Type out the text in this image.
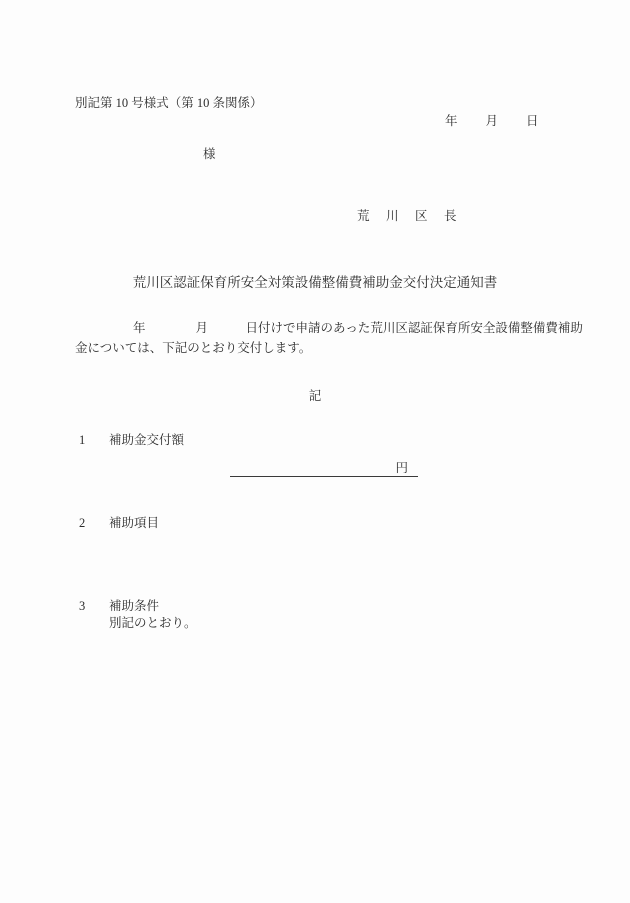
別記第 10 号様式（第 10 条関係）
年　　月　　日
様
荒　川　区　長
荒川区認証保育所安全対策設備整備費補助金交付決定通知書
年　　　　月　　　日付けで申請のあった荒川区認証保育所安全設備整備費補助
金については、下記のとおり交付します。
記
1 補助金交付額
円
2 補助項目
3 補助条件
別記のとおり。
